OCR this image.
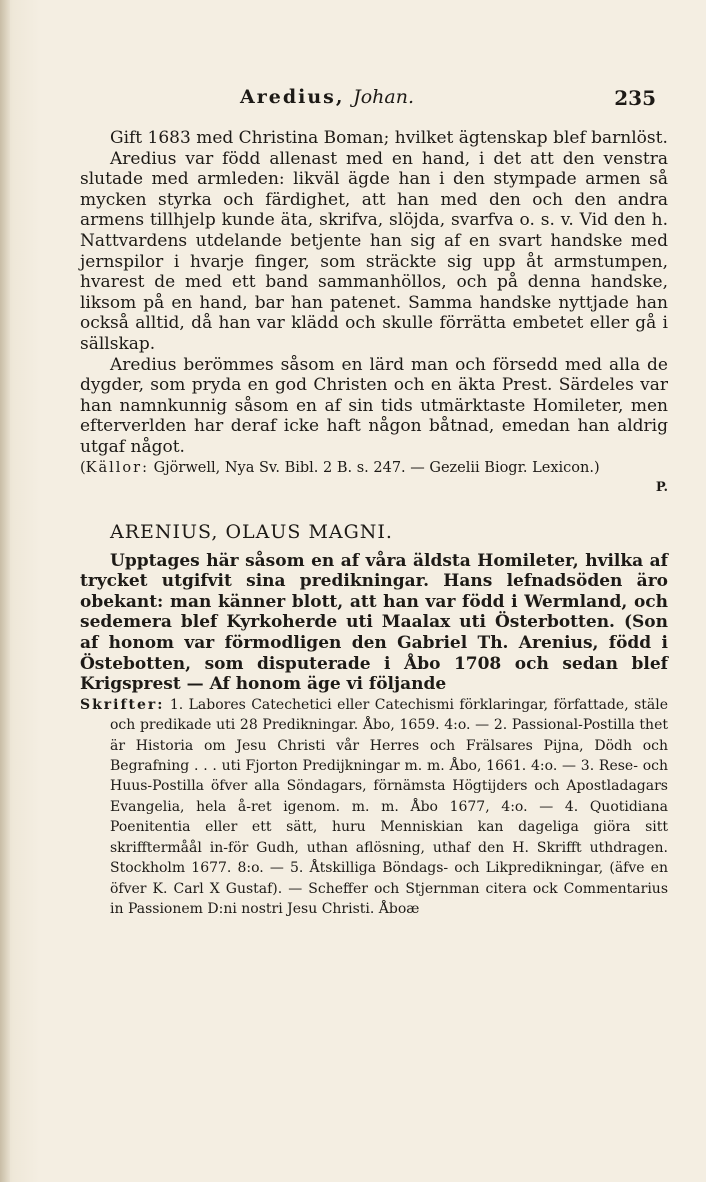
Aredius, Johan.	235

Gift 1683 med Christina Boman; hvilket ägtenskap blef barnlöst.

Aredius var född allenast med en hand, i det att den venstra slutade med armleden: likväl ägde han i den stympade armen så mycken styrka och färdighet, att han med den och den andra armens tillhjelp kunde äta, skrifva, slöjda, svarfva o. s. v. Vid den h. Nattvardens utdelande betjente han sig af en svart handske med jernspilor i hvarje finger, som sträckte sig upp åt armstumpen, hvarest de med ett band sammanhöllos, och på denna handske, liksom på en hand, bar han patenet. Samma handske nyttjade han också alltid, då han var klädd och skulle förrätta embetet eller gå i sällskap.

Aredius berömmes såsom en lärd man och försedd med alla de dygder, som pryda en god Christen och en äkta Prest. Särdeles var han namnkunnig såsom en af sin tids utmärktaste Homileter, men efterverlden har deraf icke haft någon båtnad, emedan han aldrig utgaf något.

(Källor: Gjörwell, Nya Sv. Bibl. 2 B. s. 247. — Gezelii Biogr. Lexicon.)

P.

ARENIUS, OLAUS MAGNI.

Upptages här såsom en af våra äldsta Homileter, hvilka af trycket utgifvit sina predikningar. Hans lefnadsöden äro obekant: man känner blott, att han var född i Wermland, och sedemera blef Kyrkoherde uti Maalax uti Österbotten. (Son af honom var förmodligen den Gabriel Th. Arenius, född i Östebotten, som disputerade i Åbo 1708 och sedan blef Krigsprest — Af honom äge vi följande

Skrifter: 1. Labores Catechetici eller Catechismi förklaringar, författade, stäle och predikade uti 28 Predikningar. Åbo, 1659. 4:o. — 2. Passional-Postilla thet är Historia om Jesu Christi vår Herres och Frälsares Pijna, Dödh och Begrafning . . . uti Fjorton Predijkningar m. m. Åbo, 1661. 4:o. — 3. Rese- och Huus-Postilla öfver alla Söndagars, förnämsta Högtijders och Apostladagars Evangelia, hela å-ret igenom. m. m. Åbo 1677, 4:o. — 4. Quotidiana Poenitentia eller ett sätt, huru Menniskian kan dageliga giöra sitt skrifftermåål in-för Gudh, uthan aflösning, uthaf den H. Skrifft uthdragen. Stockholm 1677. 8:o. — 5. Åtskilliga Böndags- och Likpredikningar, (äfve en öfver K. Carl X Gustaf). — Scheffer och Stjernman citera ock Commentarius in Passionem D:ni nostri Jesu Christi. Åboæ
